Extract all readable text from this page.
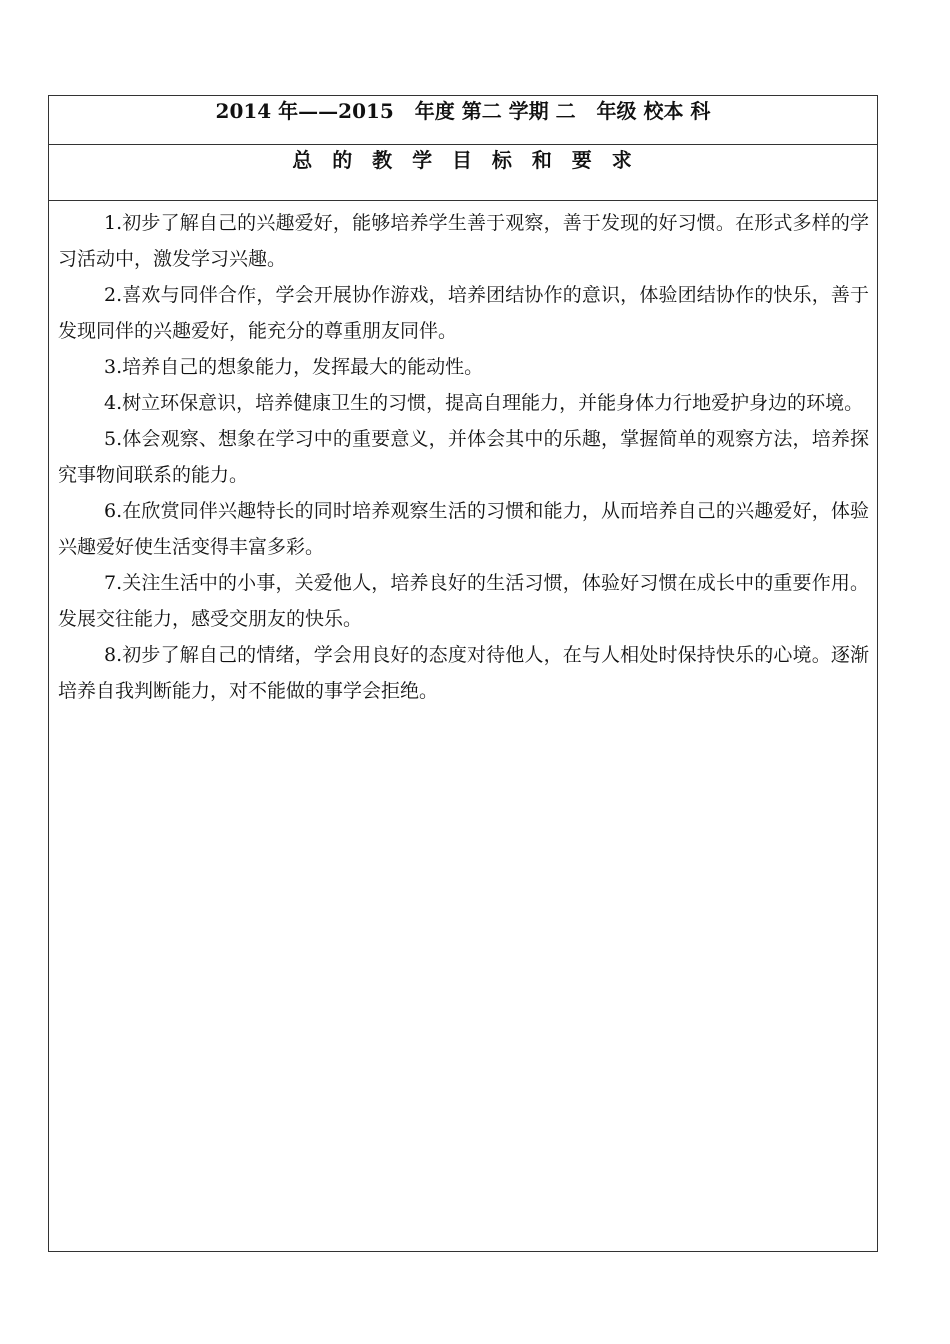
2014 年——2015   年度 第二 学期 二   年级 校本 科
总  的  教  学  目  标  和  要  求

1.初步了解自己的兴趣爱好，能够培养学生善于观察，善于发现的好习惯。在形式多样的学习活动中，激发学习兴趣。

2.喜欢与同伴合作，学会开展协作游戏，培养团结协作的意识，体验团结协作的快乐，善于发现同伴的兴趣爱好，能充分的尊重朋友同伴。

3.培养自己的想象能力，发挥最大的能动性。

4.树立环保意识，培养健康卫生的习惯，提高自理能力，并能身体力行地爱护身边的环境。

5.体会观察、想象在学习中的重要意义，并体会其中的乐趣，掌握简单的观察方法，培养探究事物间联系的能力。

6.在欣赏同伴兴趣特长的同时培养观察生活的习惯和能力，从而培养自己的兴趣爱好，体验兴趣爱好使生活变得丰富多彩。

7.关注生活中的小事，关爱他人，培养良好的生活习惯，体验好习惯在成长中的重要作用。发展交往能力，感受交朋友的快乐。

8.初步了解自己的情绪，学会用良好的态度对待他人，在与人相处时保持快乐的心境。逐渐培养自我判断能力，对不能做的事学会拒绝。
